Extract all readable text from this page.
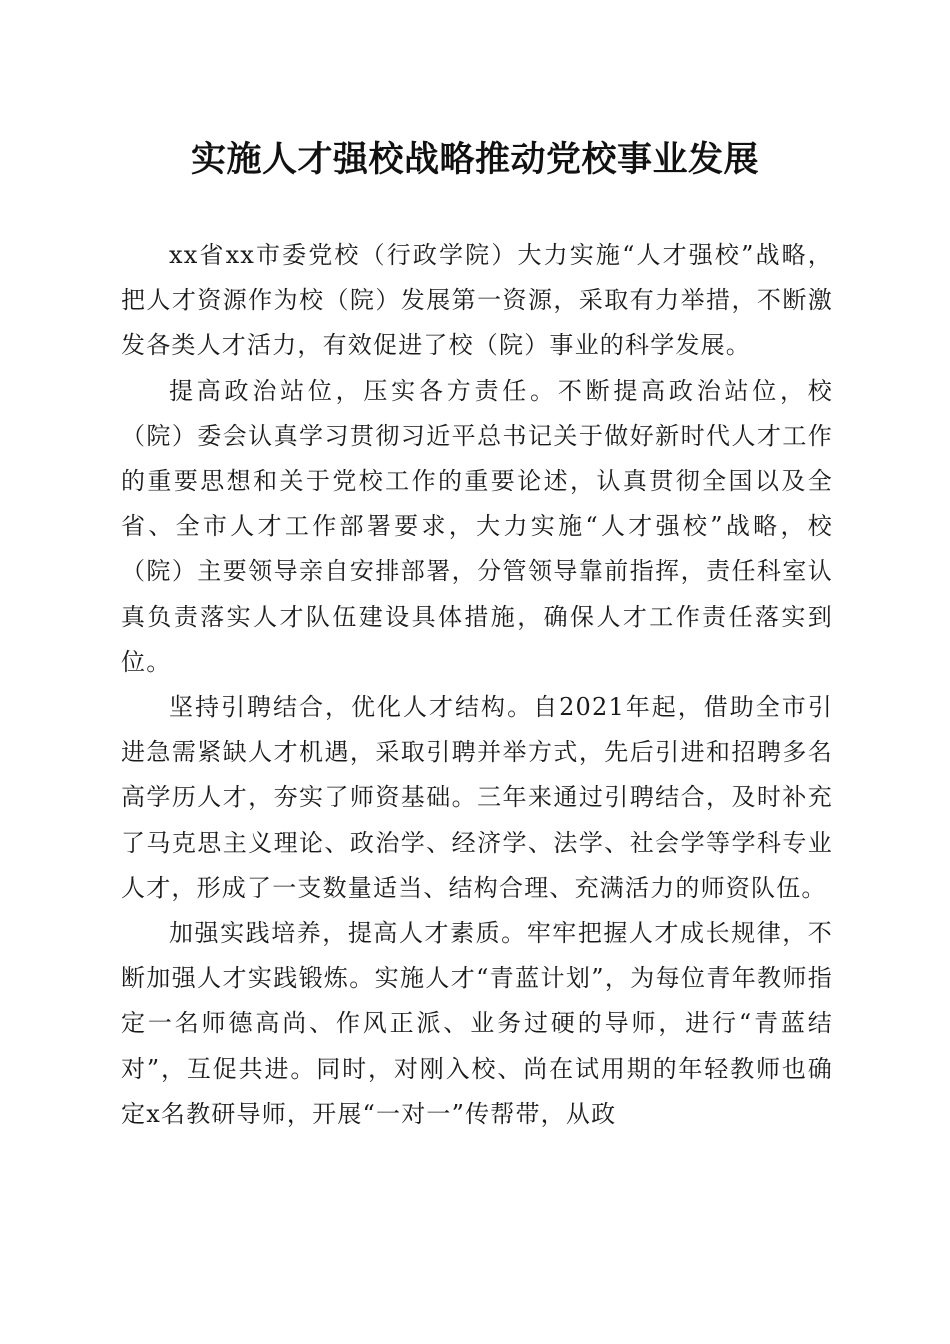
实施人才强校战略推动党校事业发展

xx省xx市委党校（行政学院）大力实施“人才强校”战略，把人才资源作为校（院）发展第一资源，采取有力举措，不断激发各类人才活力，有效促进了校（院）事业的科学发展。

提高政治站位，压实各方责任。不断提高政治站位，校（院）委会认真学习贯彻习近平总书记关于做好新时代人才工作的重要思想和关于党校工作的重要论述，认真贯彻全国以及全省、全市人才工作部署要求，大力实施“人才强校”战略，校（院）主要领导亲自安排部署，分管领导靠前指挥，责任科室认真负责落实人才队伍建设具体措施，确保人才工作责任落实到位。

坚持引聘结合，优化人才结构。自2021年起，借助全市引进急需紧缺人才机遇，采取引聘并举方式，先后引进和招聘多名高学历人才，夯实了师资基础。三年来通过引聘结合，及时补充了马克思主义理论、政治学、经济学、法学、社会学等学科专业人才，形成了一支数量适当、结构合理、充满活力的师资队伍。

加强实践培养，提高人才素质。牢牢把握人才成长规律，不断加强人才实践锻炼。实施人才“青蓝计划”，为每位青年教师指定一名师德高尚、作风正派、业务过硬的导师，进行“青蓝结对”，互促共进。同时，对刚入校、尚在试用期的年轻教师也确定x名教研导师，开展“一对一”传帮带，从政
